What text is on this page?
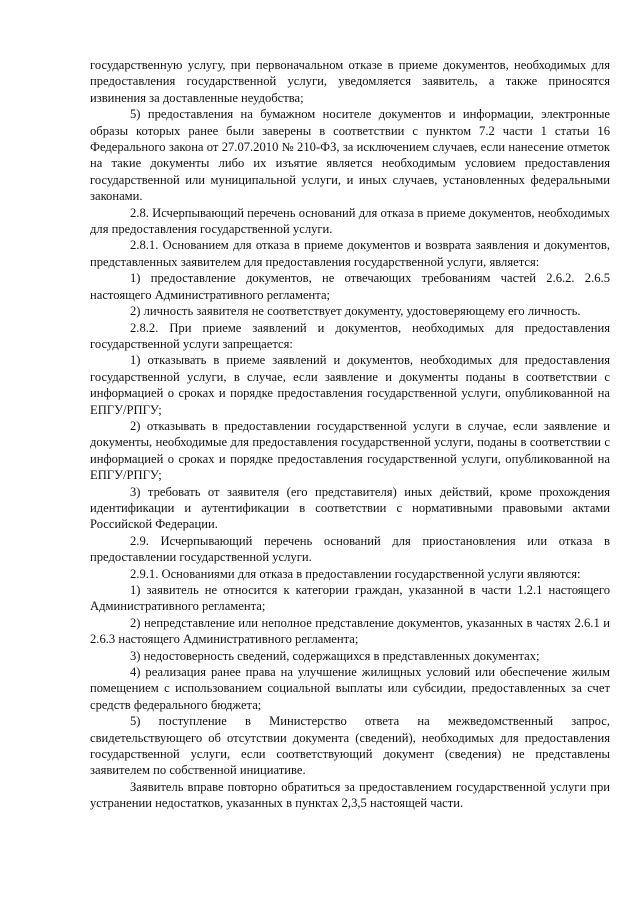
государственную услугу, при первоначальном отказе в приеме документов, необходимых для предоставления государственной услуги, уведомляется заявитель, а также приносятся извинения за доставленные неудобства;

5) предоставления на бумажном носителе документов и информации, электронные образы которых ранее были заверены в соответствии с пунктом 7.2 части 1 статьи 16 Федерального закона от 27.07.2010 № 210-ФЗ, за исключением случаев, если нанесение отметок на такие документы либо их изъятие является необходимым условием предоставления государственной или муниципальной услуги, и иных случаев, установленных федеральными законами.

2.8. Исчерпывающий перечень оснований для отказа в приеме документов, необходимых для предоставления государственной услуги.

2.8.1. Основанием для отказа в приеме документов и возврата заявления и документов, представленных заявителем для предоставления государственной услуги, является:

1) предоставление документов, не отвечающих требованиям частей 2.6.2. 2.6.5 настоящего Административного регламента;

2) личность заявителя не соответствует документу, удостоверяющему его личность.

2.8.2. При приеме заявлений и документов, необходимых для предоставления государственной услуги запрещается:

1) отказывать в приеме заявлений и документов, необходимых для предоставления государственной услуги, в случае, если заявление и документы поданы в соответствии с информацией о сроках и порядке предоставления государственной услуги, опубликованной на ЕПГУ/РПГУ;

2) отказывать в предоставлении государственной услуги в случае, если заявление и документы, необходимые для предоставления государственной услуги, поданы в соответствии с информацией о сроках и порядке предоставления государственной услуги, опубликованной на ЕПГУ/РПГУ;

3) требовать от заявителя (его представителя) иных действий, кроме прохождения идентификации и аутентификации в соответствии с нормативными правовыми актами Российской Федерации.

2.9. Исчерпывающий перечень оснований для приостановления или отказа в предоставлении государственной услуги.

2.9.1. Основаниями для отказа в предоставлении государственной услуги являются:

1) заявитель не относится к категории граждан, указанной в части 1.2.1 настоящего Административного регламента;

2) непредставление или неполное представление документов, указанных в частях 2.6.1 и 2.6.3 настоящего Административного регламента;

3) недостоверность сведений, содержащихся в представленных документах;

4) реализация ранее права на улучшение жилищных условий или обеспечение жилым помещением с использованием социальной выплаты или субсидии, предоставленных за счет средств федерального бюджета;

5) поступление в Министерство ответа на межведомственный запрос, свидетельствующего об отсутствии документа (сведений), необходимых для предоставления государственной услуги, если соответствующий документ (сведения) не представлены заявителем по собственной инициативе.

Заявитель вправе повторно обратиться за предоставлением государственной услуги при устранении недостатков, указанных в пунктах 2,3,5 настоящей части.
